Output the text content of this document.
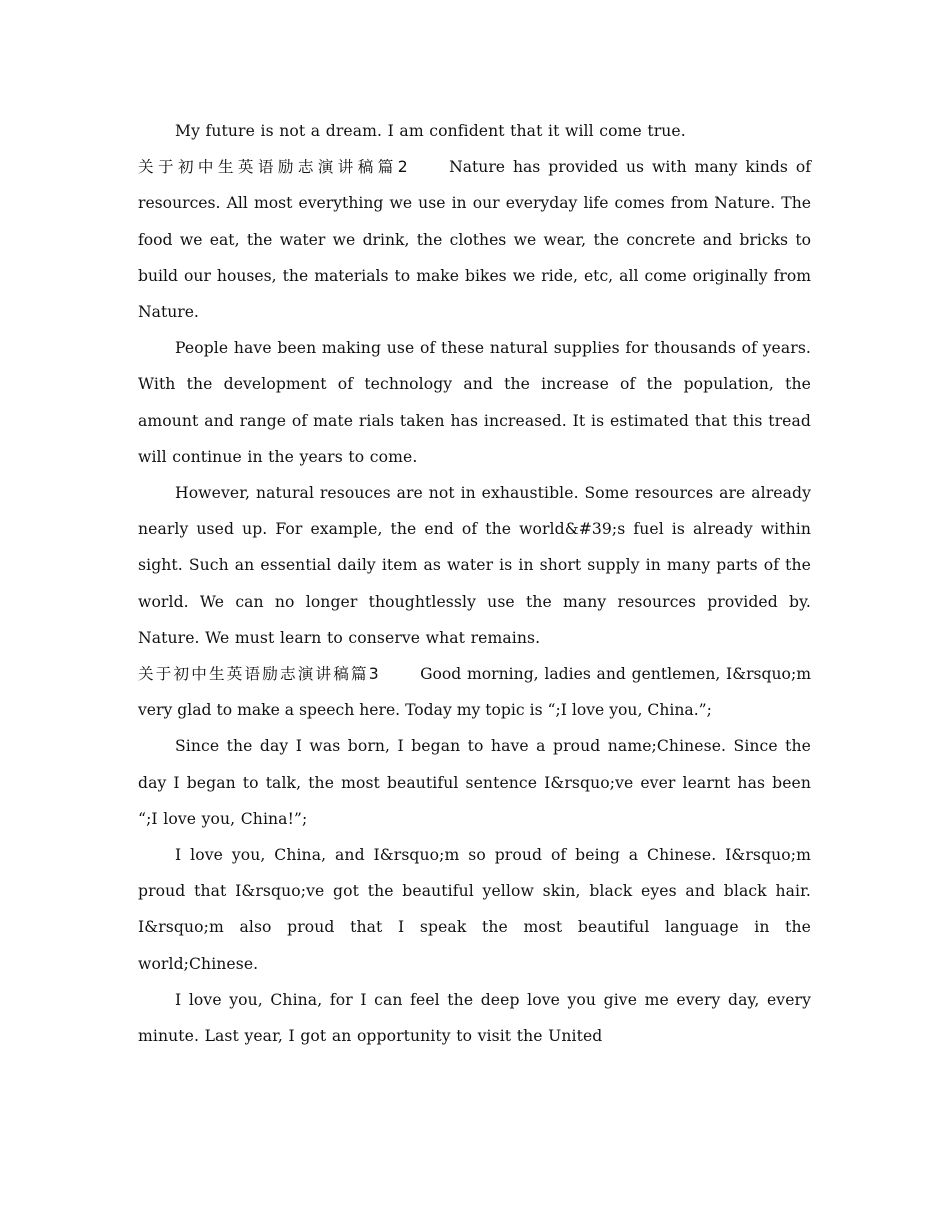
My future is not a dream. I am confident that it will come true.

关于初中生英语励志演讲稿篇2	Nature has provided us with many kinds of resources. All most everything we use in our everyday life comes from Nature. The food we eat, the water we drink, the clothes we wear, the concrete and bricks to build our houses, the materials to make bikes we ride, etc, all come originally from Nature.

People have been making use of these natural supplies for thousands of years. With the development of technology and the increase of the population, the amount and range of mate rials taken has increased. It is estimated that this tread will continue in the years to come.

However, natural resouces are not in exhaustible. Some resources are already nearly used up. For example, the end of the world&#39;s fuel is already within sight. Such an essential daily item as water is in short supply in many parts of the world. We can no longer thoughtlessly use the many resources provided by. Nature. We must learn to conserve what remains.

关于初中生英语励志演讲稿篇3	Good morning, ladies and gentlemen, I&rsquo;m very glad to make a speech here. Today my topic is “;I love you, China.”;

Since the day I was born, I began to have a proud name;Chinese. Since the day I began to talk, the most beautiful sentence I&rsquo;ve ever learnt has been “;I love you, China!”;

I love you, China, and I&rsquo;m so proud of being a Chinese. I&rsquo;m proud that I&rsquo;ve got the beautiful yellow skin, black eyes and black hair. I&rsquo;m also proud that I speak the most beautiful language in the world;Chinese.

I love you, China, for I can feel the deep love you give me every day, every minute. Last year, I got an opportunity to visit the United
